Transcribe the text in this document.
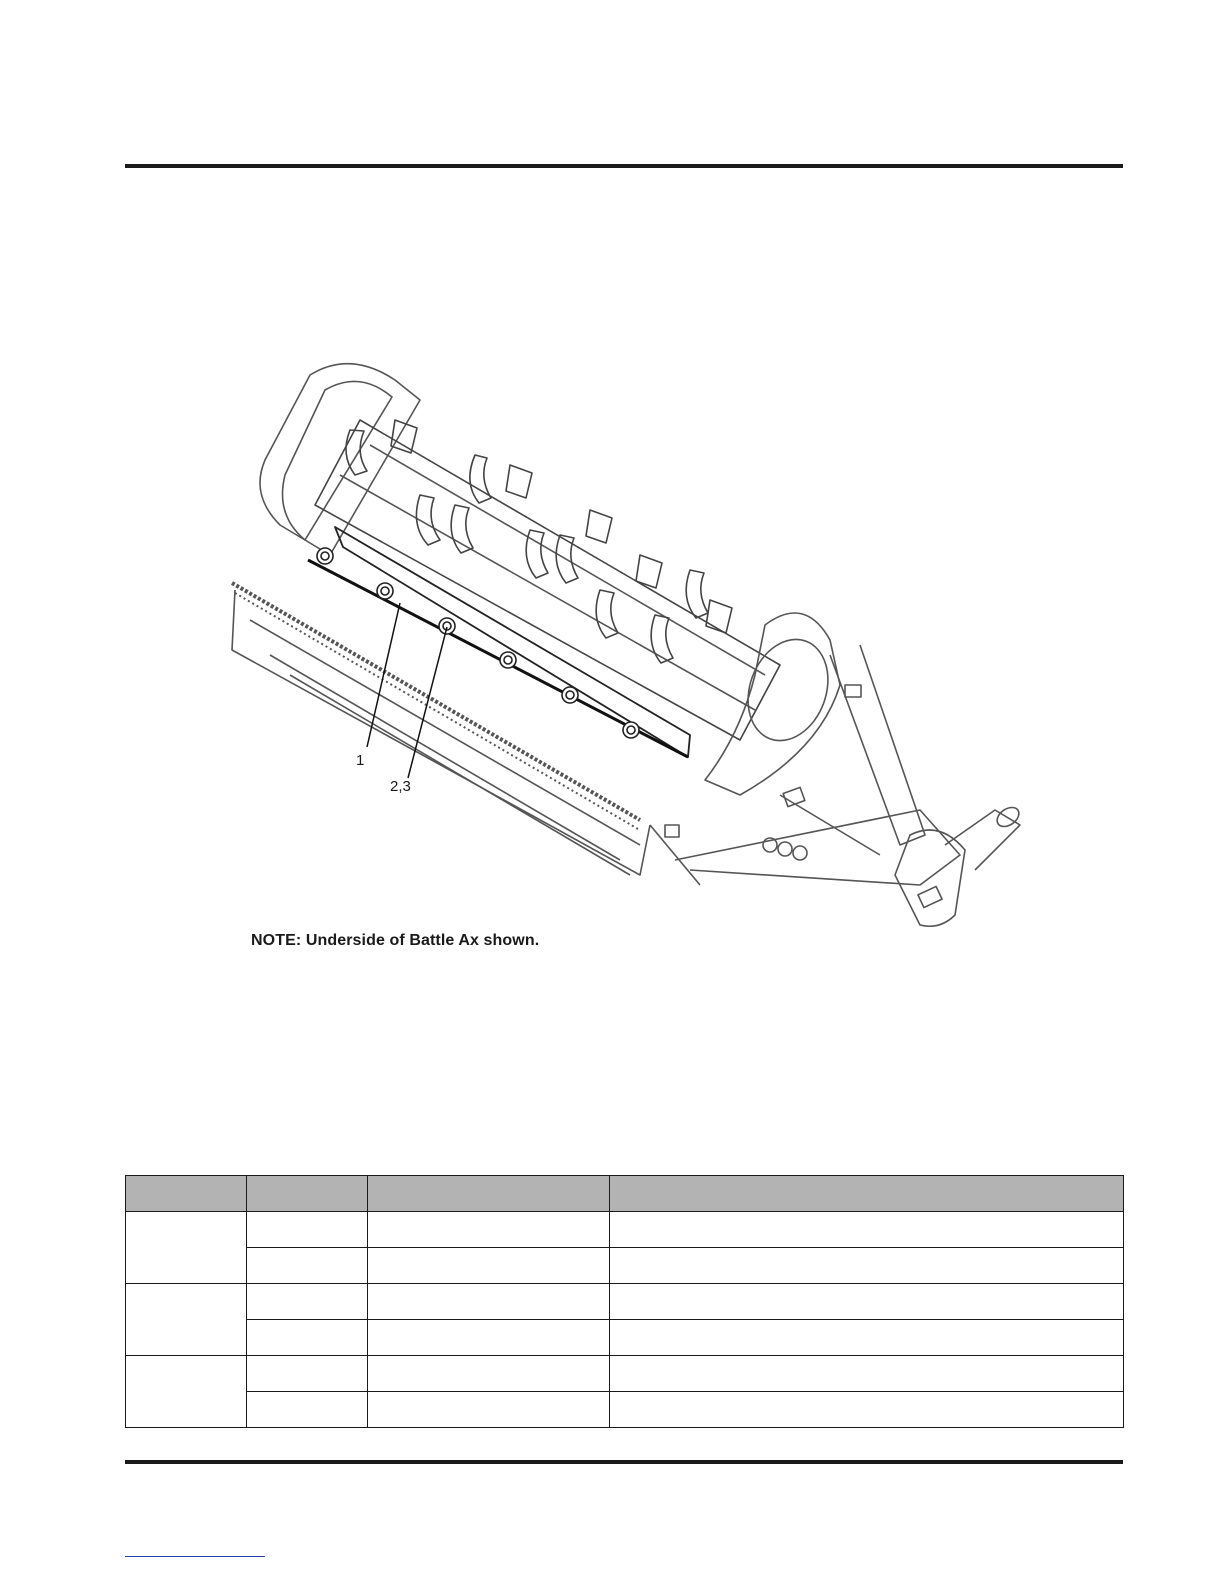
1
2,3
NOTE: Underside of Battle Ax shown.
